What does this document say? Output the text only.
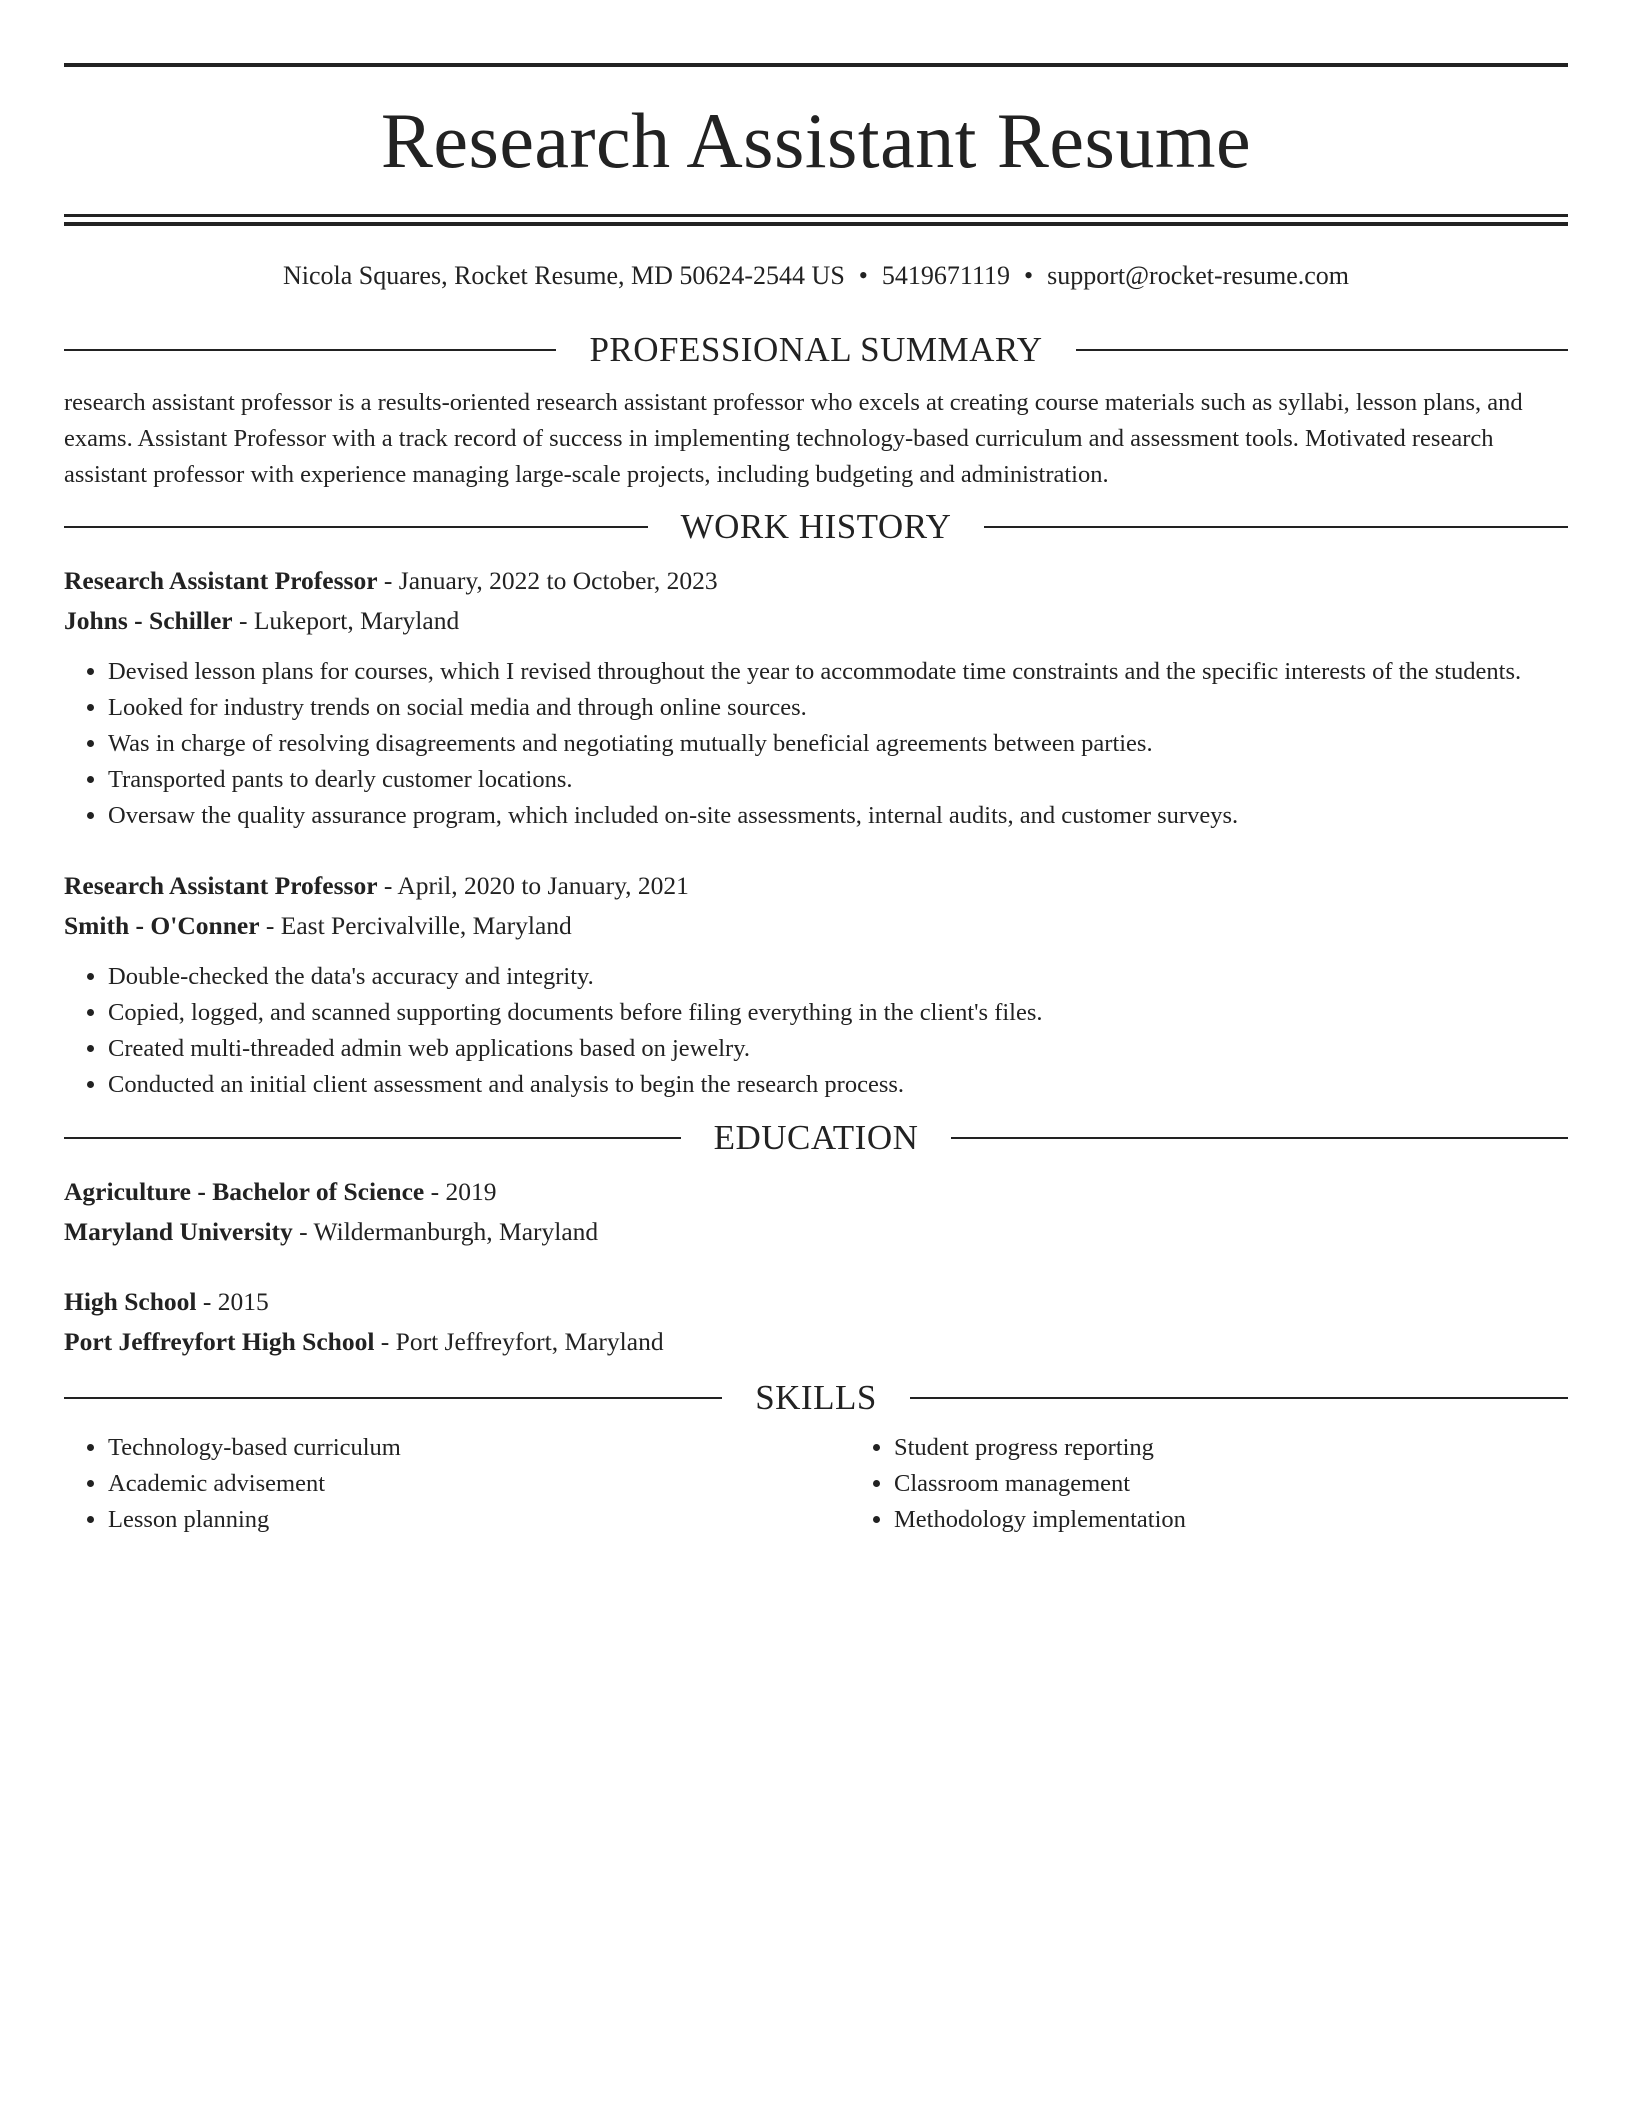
Research Assistant Resume
Nicola Squares, Rocket Resume, MD 50624-2544 US • 5419671119 • support@rocket-resume.com
PROFESSIONAL SUMMARY
research assistant professor is a results-oriented research assistant professor who excels at creating course materials such as syllabi, lesson plans, and exams. Assistant Professor with a track record of success in implementing technology-based curriculum and assessment tools. Motivated research assistant professor with experience managing large-scale projects, including budgeting and administration.
WORK HISTORY
Research Assistant Professor - January, 2022 to October, 2023
Johns - Schiller - Lukeport, Maryland
• Devised lesson plans for courses, which I revised throughout the year to accommodate time constraints and the specific interests of the students.
• Looked for industry trends on social media and through online sources.
• Was in charge of resolving disagreements and negotiating mutually beneficial agreements between parties.
• Transported pants to dearly customer locations.
• Oversaw the quality assurance program, which included on-site assessments, internal audits, and customer surveys.
Research Assistant Professor - April, 2020 to January, 2021
Smith - O'Conner - East Percivalville, Maryland
• Double-checked the data's accuracy and integrity.
• Copied, logged, and scanned supporting documents before filing everything in the client's files.
• Created multi-threaded admin web applications based on jewelry.
• Conducted an initial client assessment and analysis to begin the research process.
EDUCATION
Agriculture - Bachelor of Science - 2019
Maryland University - Wildermanburgh, Maryland
High School - 2015
Port Jeffreyfort High School - Port Jeffreyfort, Maryland
SKILLS
• Technology-based curriculum
• Academic advisement
• Lesson planning
• Student progress reporting
• Classroom management
• Methodology implementation
